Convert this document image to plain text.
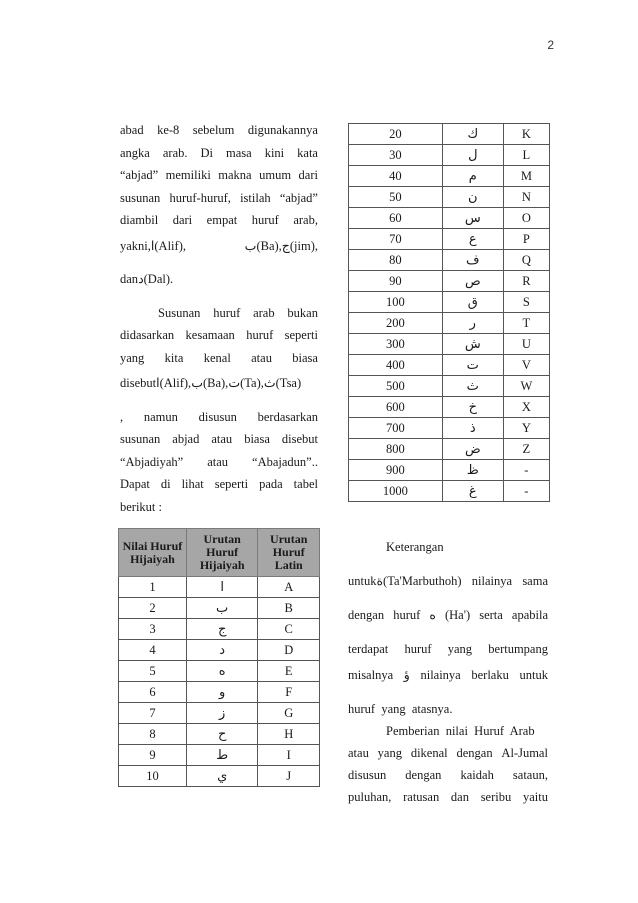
2

abad ke-8 sebelum digunakannya

angka arab. Di masa kini kata

“abjad” memiliki makna umum dari

susunan huruf-huruf, istilah “abjad”

diambil dari empat huruf arab,

yakni,ا(Alif),	ب(Ba),ج(jim),

danد(Dal).

Susunan huruf arab bukan

didasarkan kesamaan huruf seperti

yang kita kenal atau biasa

disebutا(Alif),ب(Ba),ت(Ta),ث(Tsa)

, namun disusun berdasarkan

susunan abjad atau biasa disebut

“Abjadiyah” atau “Abajadun”..

Dapat di lihat seperti pada tabel

berikut :

Nilai Huruf Hijaiyah	Urutan Huruf Hijaiyah	Urutan Huruf Latin
1	ا	A
2	ب	B
3	ج	C
4	د	D
5	ه	E
6	و	F
7	ز	G
8	ح	H
9	ط	I
10	ي	J
20	ك	K
30	ل	L
40	م	M
50	ن	N
60	س	O
70	ع	P
80	ف	Q
90	ص	R
100	ق	S
200	ر	T
300	ش	U
400	ت	V
500	ث	W
600	خ	X
700	ذ	Y
800	ض	Z
900	ظ	-
1000	غ	-

Keterangan

untukة(Ta'Marbuthoh) nilainya sama

dengan huruf ه (Ha') serta apabila

terdapat huruf yang bertumpang

misalnya ؤ nilainya berlaku untuk

huruf  yang  atasnya.

Pemberian  nilai  Huruf  Arab

atau yang dikenal dengan Al-Jumal

disusun dengan kaidah sataun,

puluhan, ratusan dan seribu yaitu
